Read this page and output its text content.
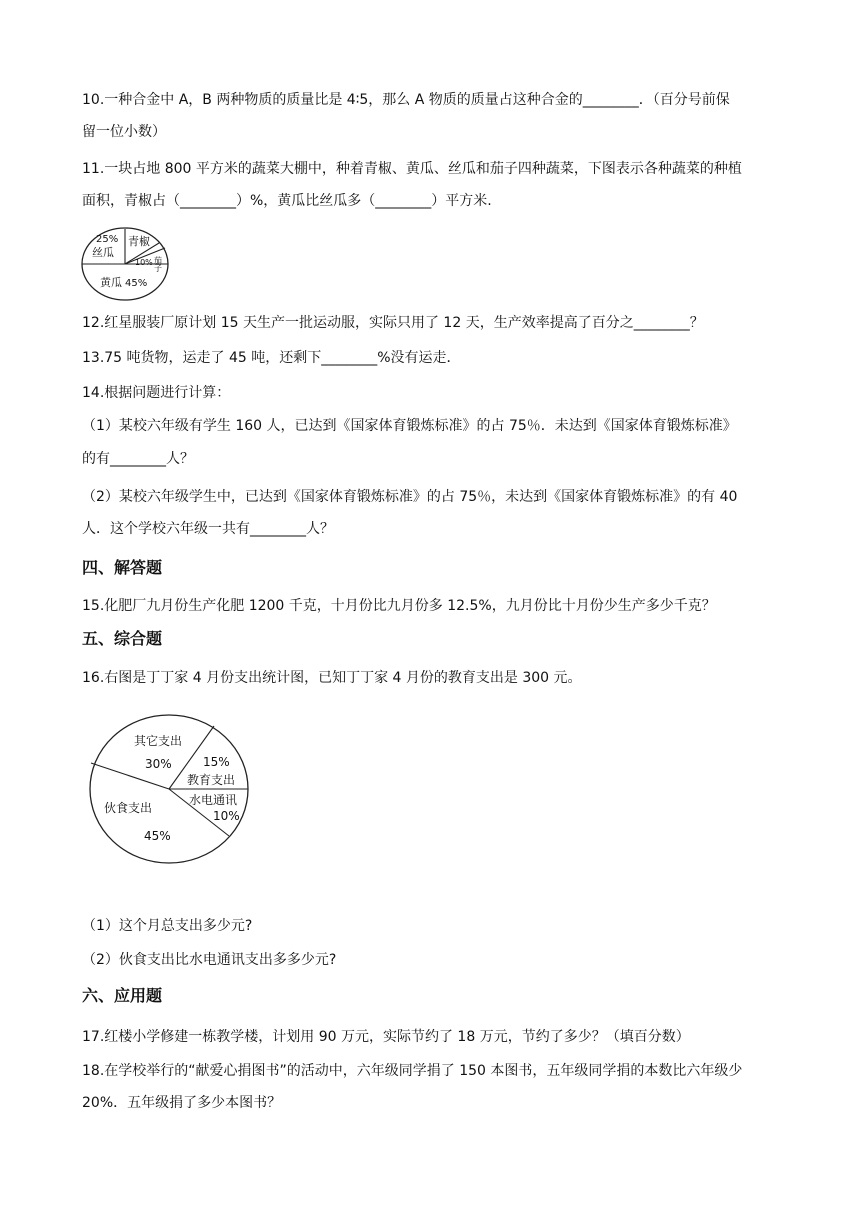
10.一种合金中 A，B 两种物质的质量比是 4∶5，那么 A 物质的质量占这种合金的________．（百分号前保
留一位小数）
11.一块占地 800 平方米的蔬菜大棚中，种着青椒、黄瓜、丝瓜和茄子四种蔬菜，下图表示各种蔬菜的种植
面积，青椒占（________）%，黄瓜比丝瓜多（________）平方米.
25%
丝瓜
青椒
10% 茄子
黄瓜 45%
12.红星服装厂原计划 15 天生产一批运动服，实际只用了 12 天，生产效率提高了百分之________？
13.75 吨货物，运走了 45 吨，还剩下________%没有运走．
14.根据问题进行计算：
（1）某校六年级有学生 160 人，已达到《国家体育锻炼标准》的占 75％．未达到《国家体育锻炼标准》
的有________人？
（2）某校六年级学生中，已达到《国家体育锻炼标准》的占 75％，未达到《国家体育锻炼标准》的有 40
人．这个学校六年级一共有________人？
四、解答题
15.化肥厂九月份生产化肥 1200 千克，十月份比九月份多 12.5%，九月份比十月份少生产多少千克？
五、综合题
16.右图是丁丁家 4 月份支出统计图，已知丁丁家 4 月份的教育支出是 300 元。
其它支出
30%	15%
教育支出
水电通讯
10%
伙食支出
45%
（1）这个月总支出多少元?
（2）伙食支出比水电通讯支出多多少元?
六、应用题
17.红楼小学修建一栋教学楼，计划用 90 万元，实际节约了 18 万元，节约了多少？（填百分数）
18.在学校举行的“献爱心捐图书”的活动中，六年级同学捐了 150 本图书，五年级同学捐的本数比六年级少
20%．五年级捐了多少本图书？
